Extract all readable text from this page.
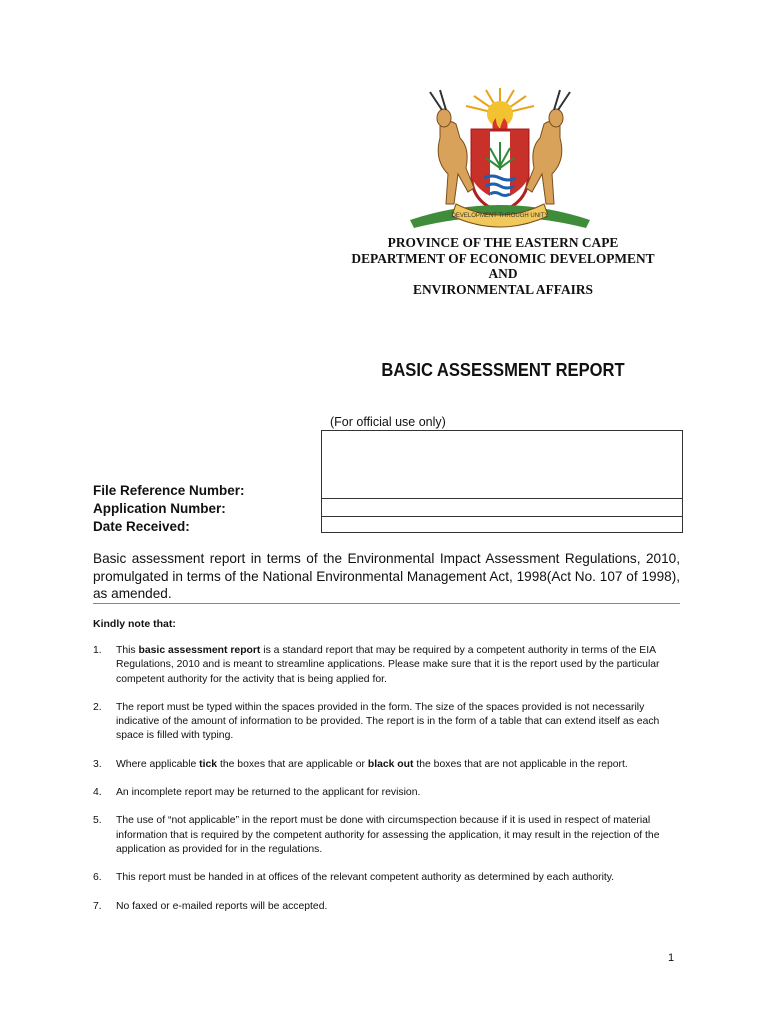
DEVELOPMENT THROUGH UNITY
PROVINCE OF THE EASTERN CAPE
DEPARTMENT OF ECONOMIC DEVELOPMENT
AND
ENVIRONMENTAL AFFAIRS
BASIC ASSESSMENT REPORT
(For official use only)
File Reference Number:
Application Number:
Date Received:
Basic assessment report in terms of the Environmental Impact Assessment Regulations, 2010, promulgated in terms of the National Environmental Management Act, 1998(Act No. 107 of 1998), as amended.
Kindly note that:
1. This basic assessment report is a standard report that may be required by a competent authority in terms of the EIA Regulations, 2010 and is meant to streamline applications. Please make sure that it is the report used by the particular competent authority for the activity that is being applied for.
2. The report must be typed within the spaces provided in the form. The size of the spaces provided is not necessarily indicative of the amount of information to be provided. The report is in the form of a table that can extend itself as each space is filled with typing.
3. Where applicable tick the boxes that are applicable or black out the boxes that are not applicable in the report.
4. An incomplete report may be returned to the applicant for revision.
5. The use of “not applicable” in the report must be done with circumspection because if it is used in respect of material information that is required by the competent authority for assessing the application, it may result in the rejection of the application as provided for in the regulations.
6. This report must be handed in at offices of the relevant competent authority as determined by each authority.
7. No faxed or e-mailed reports will be accepted.
1
